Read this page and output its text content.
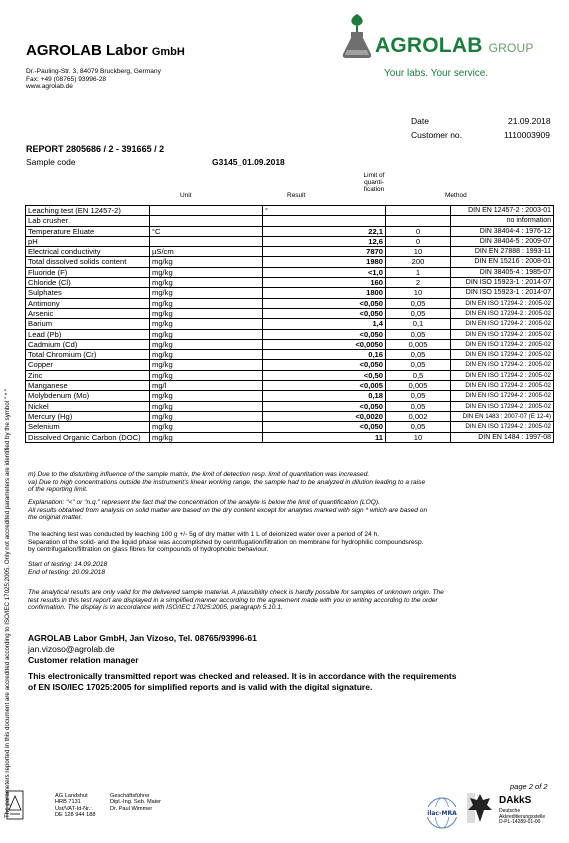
AGROLAB Labor GmbH
Dr.-Pauling-Str. 3, 84079 Bruckberg, Germany
Fax: +49 (08765) 93996-28
www.agrolab.de
AGROLAB GROUP
Your labs. Your service.
Date	21.09.2018
Customer no.	1110003909
REPORT 2805686 / 2 - 391665 / 2
Sample code	G3145_01.09.2018
Unit	Result
Limit of
quanti-
fication
Method
Leaching test (EN 12457-2)		°		DIN EN 12457-2 : 2003-01
Lab crusher				no information
Temperature Eluate	°C	22,1	0	DIN 38404-4 : 1976-12
pH		12,6	0	DIN 38404-5 : 2009-07
Electrical conductivity	µS/cm	7870	10	DIN EN 27888 : 1993-11
Total dissolved solids content	mg/kg	1980	200	DIN EN 15216 : 2008-01
Fluoride (F)	mg/kg	<1,0	1	DIN 38405-4 : 1985-07
Chloride (Cl)	mg/kg	160	2	DIN ISO 15923-1 : 2014-07
Sulphates	mg/kg	1800	10	DIN ISO 15923-1 : 2014-07
Antimony	mg/kg	<0,050	0,05	DIN EN ISO 17294-2 : 2005-02
Arsenic	mg/kg	<0,050	0,05	DIN EN ISO 17294-2 : 2005-02
Barium	mg/kg	1,4	0,1	DIN EN ISO 17294-2 : 2005-02
Lead (Pb)	mg/kg	<0,050	0,05	DIN EN ISO 17294-2 : 2005-02
Cadmium (Cd)	mg/kg	<0,0050	0,005	DIN EN ISO 17294-2 : 2005-02
Total Chromium (Cr)	mg/kg	0,16	0,05	DIN EN ISO 17294-2 : 2005-02
Copper	mg/kg	<0,050	0,05	DIN EN ISO 17294-2 : 2005-02
Zinc	mg/kg	<0,50	0,5	DIN EN ISO 17294-2 : 2005-02
Manganese	mg/l	<0,005	0,005	DIN EN ISO 17294-2 : 2005-02
Molybdenum (Mo)	mg/kg	0,18	0,05	DIN EN ISO 17294-2 : 2005-02
Nickel	mg/kg	<0,050	0,05	DIN EN ISO 17294-2 : 2005-02
Mercury (Hg)	mg/kg	<0,0020	0,002	DIN EN 1483 : 2007-07 (E 12-4)
Selenium	mg/kg	<0,050	0,05	DIN EN ISO 17294-2 : 2005-02
Dissolved Organic Carbon (DOC)	mg/kg	11	10	DIN EN 1484 : 1997-08
m) Due to the disturbing influence of the sample matrix, the limit of detection resp. limit of quantitation was increased.
va) Due to high concentrations outside the instrument's linear working range, the sample had to be analyzed in dilution leading to a raise
of the reporting limit.
Explanation: "<" or "n.q." represent the fact that the concentration of the analyte is below the limit of quantification (LOQ).
All results obtained from analysis on solid matter are based on the dry content except for analytes marked with sign * which are based on
the original matter.
The leaching test was conducted by leaching 100 g +/- 5g of dry matter with 1 L of deionized water over a period of 24 h.
Separation of the solid- and the liquid phase was accomplished by centrifugation/filtration on membrane for hydrophilic compoundsresp.
by centrifugation/filtration on glass fibres for compounds of hydrophobic behaviour.
Start of testing: 14.09.2018
End of testing: 20.09.2018
The analytical results are only valid for the delivered sample material. A plausibility check is hardly possible for samples of unknown origin. The
test results in this test report are displayed in a simplified manner according to the agreement made with you in writing according to the order
confirmation. The display is in accordance with ISO/IEC 17025:2005, paragraph 5.10.1.
AGROLAB Labor GmbH, Jan Vizoso, Tel. 08765/93996-61
jan.vizoso@agrolab.de
Customer relation manager
This electronically transmitted report was checked and released. It is in accordance with the requirements
of EN ISO/IEC 17025:2005 for simplified reports and is valid with the digital signature.
The parameters reported in this document are accredited according to ISO/IEC 17025:2005. Only not accredited parameters are identified by the symbol " * "	AG Landshut
HRB 7131
Ust/VAT-Id-Nr.:
DE 128 944 188
Geschäftsführer
Dipl.-Ing. Seb. Maier
Dr. Paul Wimmer
page 2 of 2
ilac-MRA
DAkkS
Deutsche
Akkreditierungsstelle
D-PL-14289-01-00
